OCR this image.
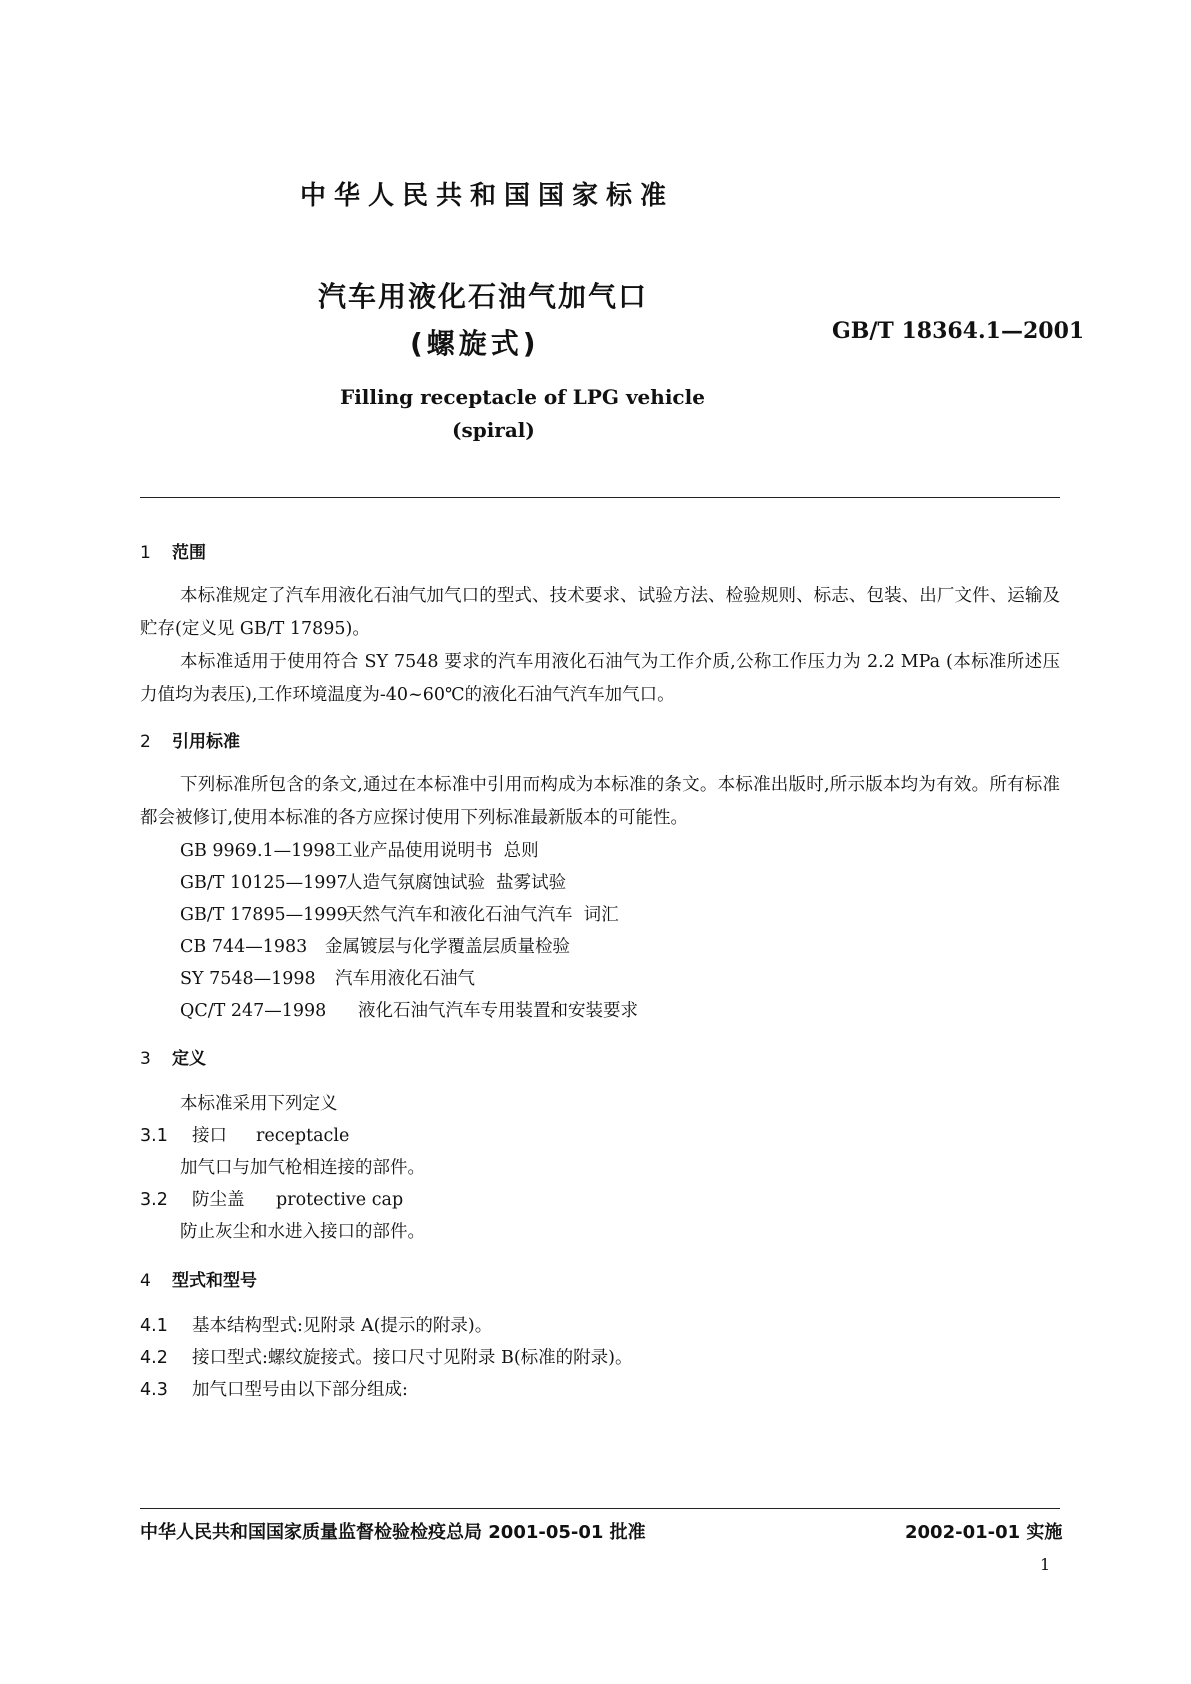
中华人民共和国国家标准
汽车用液化石油气加气口
(螺旋式)	GB/T 18364.1—2001
Filling receptacle of LPG vehicle
(spiral)
1 范围
本标准规定了汽车用液化石油气加气口的型式、技术要求、试验方法、检验规则、标志、包装、出厂文件、运输及贮存(定义见 GB/T 17895)。
本标准适用于使用符合 SY 7548 要求的汽车用液化石油气为工作介质,公称工作压力为 2.2 MPa (本标准所述压力值均为表压),工作环境温度为-40~60℃的液化石油气汽车加气口。
2 引用标准
下列标准所包含的条文,通过在本标准中引用而构成为本标准的条文。本标准出版时,所示版本均为有效。所有标准都会被修订,使用本标准的各方应探讨使用下列标准最新版本的可能性。
GB 9969.1—1998工业产品使用说明书  总则
GB/T 10125—1997人造气氛腐蚀试验  盐雾试验
GB/T 17895—1999天然气汽车和液化石油气汽车  词汇
CB 744—1983 金属镀层与化学覆盖层质量检验
SY 7548—1998 汽车用液化石油气
QC/T 247—1998 液化石油气汽车专用装置和安装要求
3 定义
本标准采用下列定义
3.1 接口 receptacle
加气口与加气枪相连接的部件。
3.2 防尘盖 protective cap
防止灰尘和水进入接口的部件。
4 型式和型号
4.1 基本结构型式:见附录 A(提示的附录)。
4.2 接口型式:螺纹旋接式。接口尺寸见附录 B(标准的附录)。
4.3 加气口型号由以下部分组成:
中华人民共和国国家质量监督检验检疫总局 2001-05-01 批准	2002-01-01 实施
1
